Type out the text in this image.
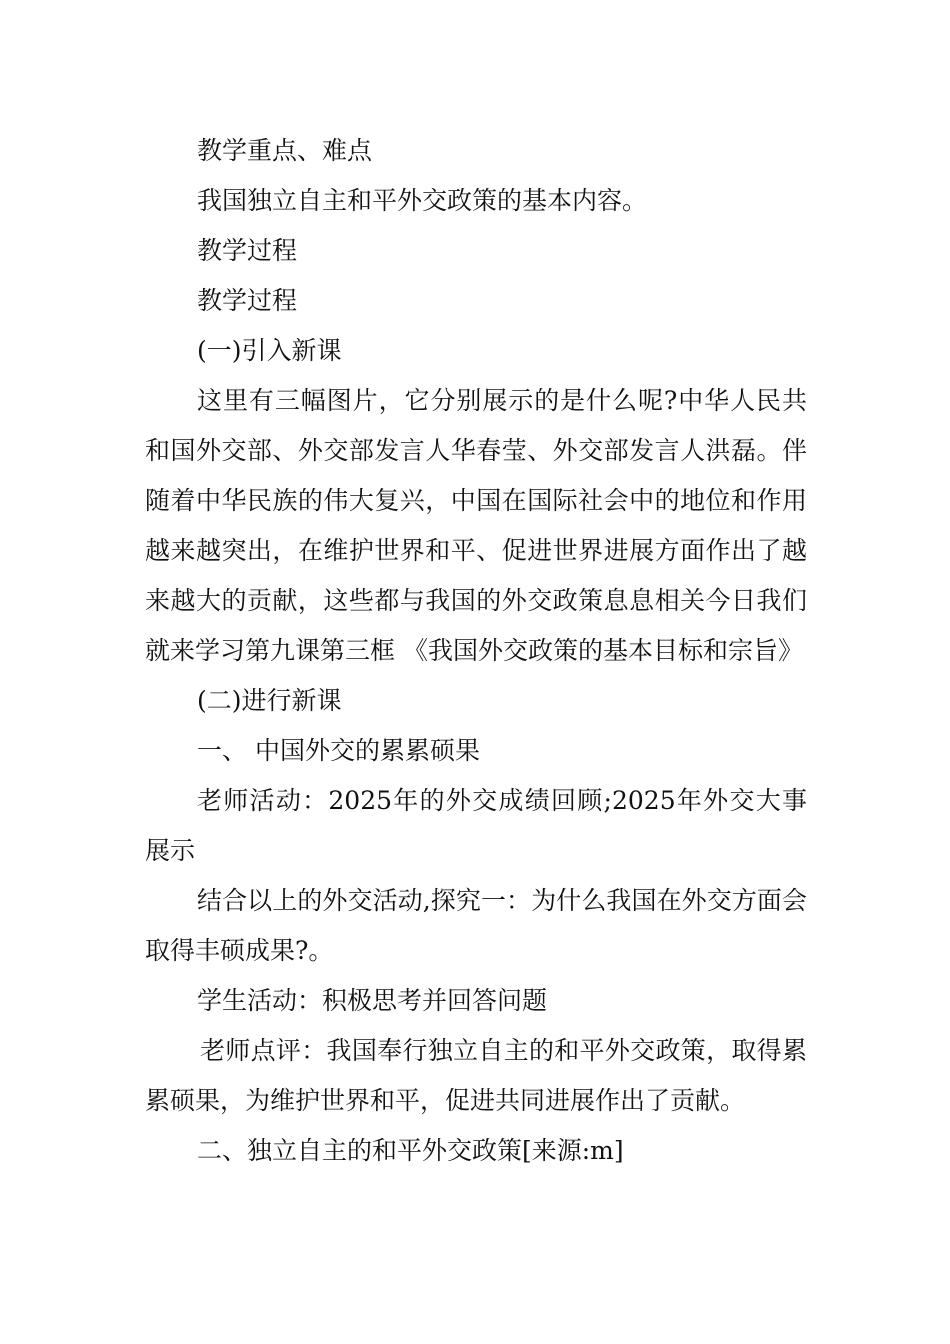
教学重点、难点

我国独立自主和平外交政策的基本内容。

教学过程

教学过程

(一)引入新课

这里有三幅图片，它分别展示的是什么呢?中华人民共和国外交部、外交部发言人华春莹、外交部发言人洪磊。伴随着中华民族的伟大复兴，中国在国际社会中的地位和作用越来越突出，在维护世界和平、促进世界进展方面作出了越来越大的贡献，这些都与我国的外交政策息息相关今日我们就来学习第九课第三框 《我国外交政策的基本目标和宗旨》

(二)进行新课

一、 中国外交的累累硕果

老师活动：2025年的外交成绩回顾;2025年外交大事展示

结合以上的外交活动,探究一：为什么我国在外交方面会取得丰硕成果?。

学生活动：积极思考并回答问题

老师点评：我国奉行独立自主的和平外交政策，取得累累硕果，为维护世界和平，促进共同进展作出了贡献。

二、独立自主的和平外交政策[来源:m]
